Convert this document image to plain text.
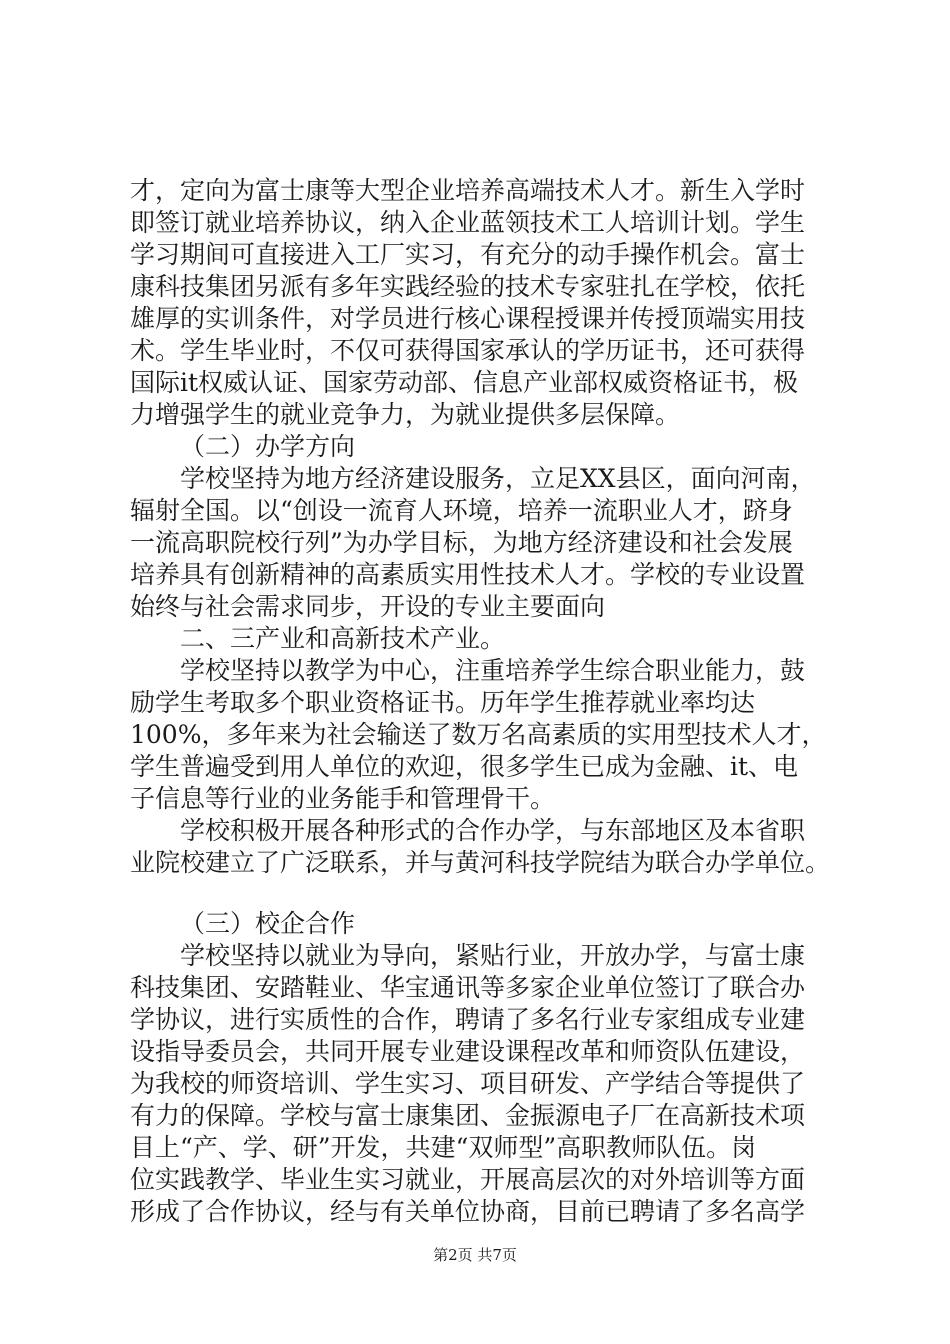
才，定向为富士康等大型企业培养高端技术人才。新生入学时
即签订就业培养协议，纳入企业蓝领技术工人培训计划。学生
学习期间可直接进入工厂实习，有充分的动手操作机会。富士
康科技集团另派有多年实践经验的技术专家驻扎在学校，依托
雄厚的实训条件，对学员进行核心课程授课并传授顶端实用技
术。学生毕业时，不仅可获得国家承认的学历证书，还可获得
国际it权威认证、国家劳动部、信息产业部权威资格证书，极
力增强学生的就业竞争力，为就业提供多层保障。
（二）办学方向
学校坚持为地方经济建设服务，立足XX县区，面向河南，
辐射全国。以“创设一流育人环境，培养一流职业人才，跻身
一流高职院校行列”为办学目标，为地方经济建设和社会发展
培养具有创新精神的高素质实用性技术人才。学校的专业设置
始终与社会需求同步，开设的专业主要面向
二、三产业和高新技术产业。
学校坚持以教学为中心，注重培养学生综合职业能力，鼓
励学生考取多个职业资格证书。历年学生推荐就业率均达
100%，多年来为社会输送了数万名高素质的实用型技术人才，
学生普遍受到用人单位的欢迎，很多学生已成为金融、it、电
子信息等行业的业务能手和管理骨干。
学校积极开展各种形式的合作办学，与东部地区及本省职
业院校建立了广泛联系，并与黄河科技学院结为联合办学单位。
（三）校企合作
学校坚持以就业为导向，紧贴行业，开放办学，与富士康
科技集团、安踏鞋业、华宝通讯等多家企业单位签订了联合办
学协议，进行实质性的合作，聘请了多名行业专家组成专业建
设指导委员会，共同开展专业建设课程改革和师资队伍建设，
为我校的师资培训、学生实习、项目研发、产学结合等提供了
有力的保障。学校与富士康集团、金振源电子厂在高新技术项
目上“产、学、研”开发，共建“双师型”高职教师队伍。岗
位实践教学、毕业生实习就业，开展高层次的对外培训等方面
形成了合作协议，经与有关单位协商，目前已聘请了多名高学
第2页 共7页
